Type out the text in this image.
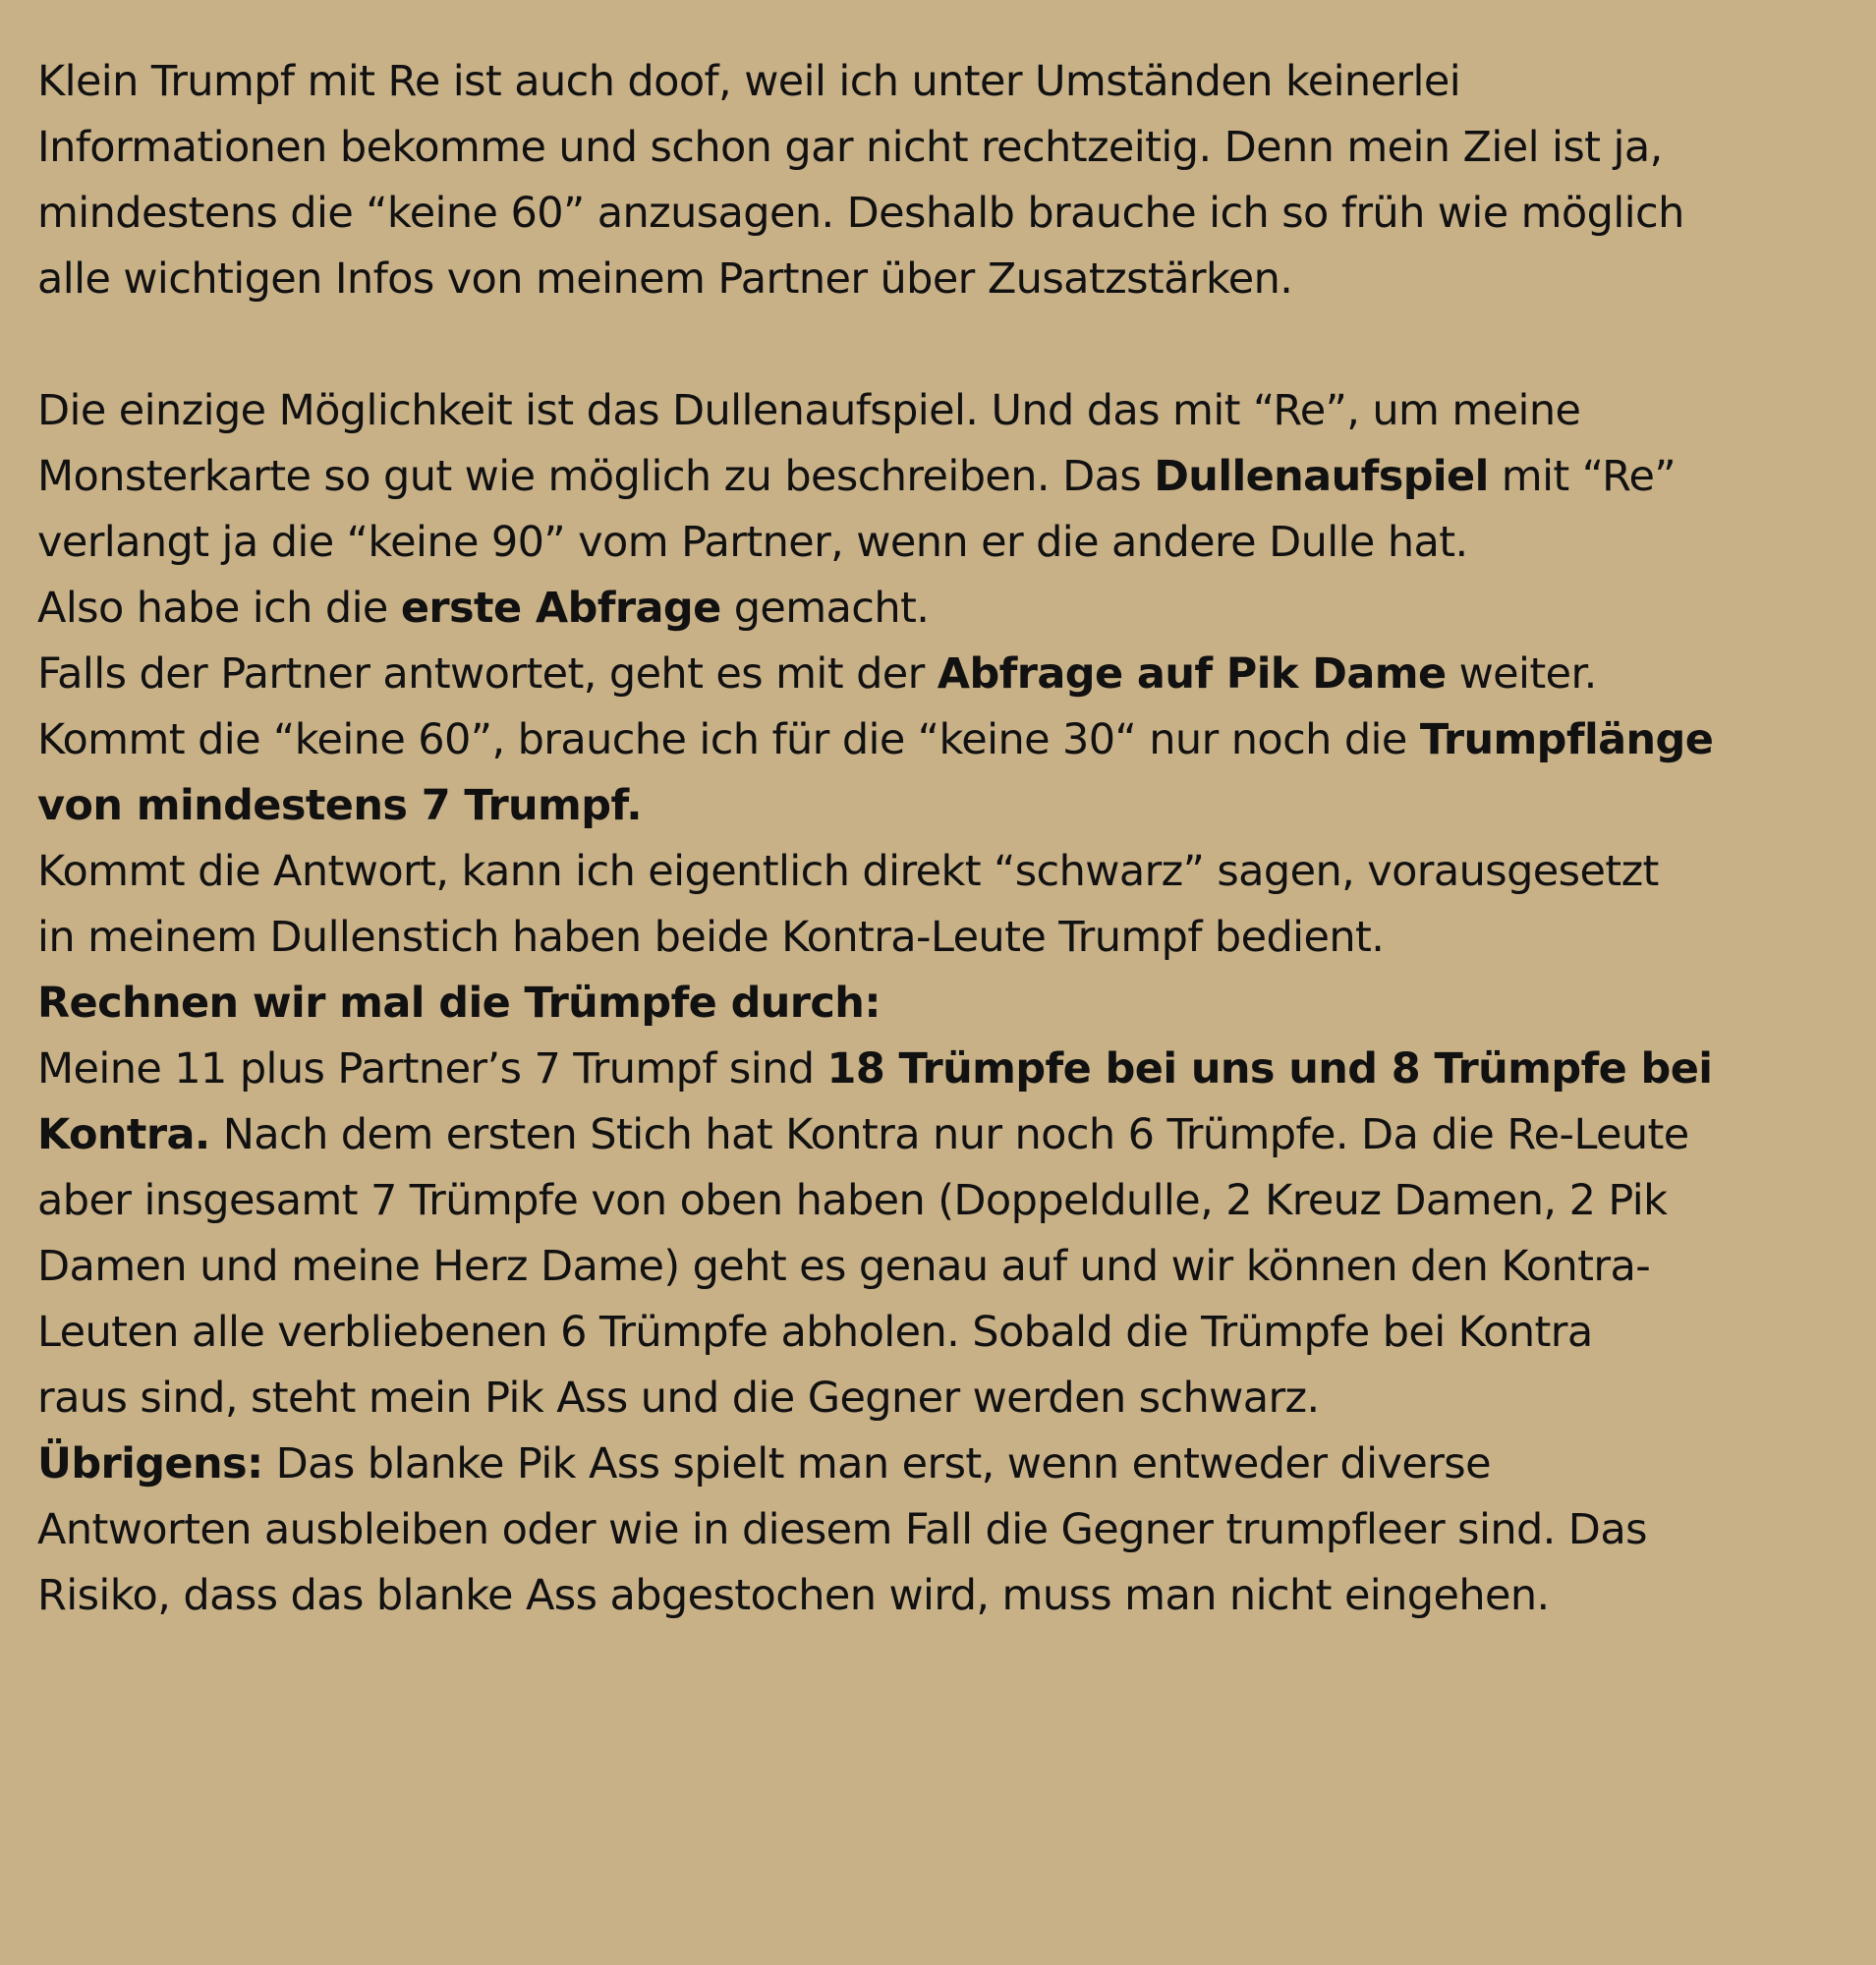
Klein Trumpf mit Re ist auch doof, weil ich unter Umständen keinerlei
Informationen bekomme und schon gar nicht rechtzeitig. Denn mein Ziel ist ja,
mindestens die “keine 60” anzusagen. Deshalb brauche ich so früh wie möglich
alle wichtigen Infos von meinem Partner über Zusatzstärken.
Die einzige Möglichkeit ist das Dullenaufspiel. Und das mit “Re”, um meine
Monsterkarte so gut wie möglich zu beschreiben. Das Dullenaufspiel mit “Re”
verlangt ja die “keine 90” vom Partner, wenn er die andere Dulle hat.
Also habe ich die erste Abfrage gemacht.
Falls der Partner antwortet, geht es mit der Abfrage auf Pik Dame weiter.
Kommt die “keine 60”, brauche ich für die “keine 30“ nur noch die Trumpflänge
von mindestens 7 Trumpf.
Kommt die Antwort, kann ich eigentlich direkt “schwarz” sagen, vorausgesetzt
in meinem Dullenstich haben beide Kontra-Leute Trumpf bedient.
Rechnen wir mal die Trümpfe durch:
Meine 11 plus Partner’s 7 Trumpf sind 18 Trümpfe bei uns und 8 Trümpfe bei
Kontra. Nach dem ersten Stich hat Kontra nur noch 6 Trümpfe. Da die Re-Leute
aber insgesamt 7 Trümpfe von oben haben (Doppeldulle, 2 Kreuz Damen, 2 Pik
Damen und meine Herz Dame) geht es genau auf und wir können den Kontra-
Leuten alle verbliebenen 6 Trümpfe abholen. Sobald die Trümpfe bei Kontra
raus sind, steht mein Pik Ass und die Gegner werden schwarz.
Übrigens: Das blanke Pik Ass spielt man erst, wenn entweder diverse
Antworten ausbleiben oder wie in diesem Fall die Gegner trumpfleer sind. Das
Risiko, dass das blanke Ass abgestochen wird, muss man nicht eingehen.
